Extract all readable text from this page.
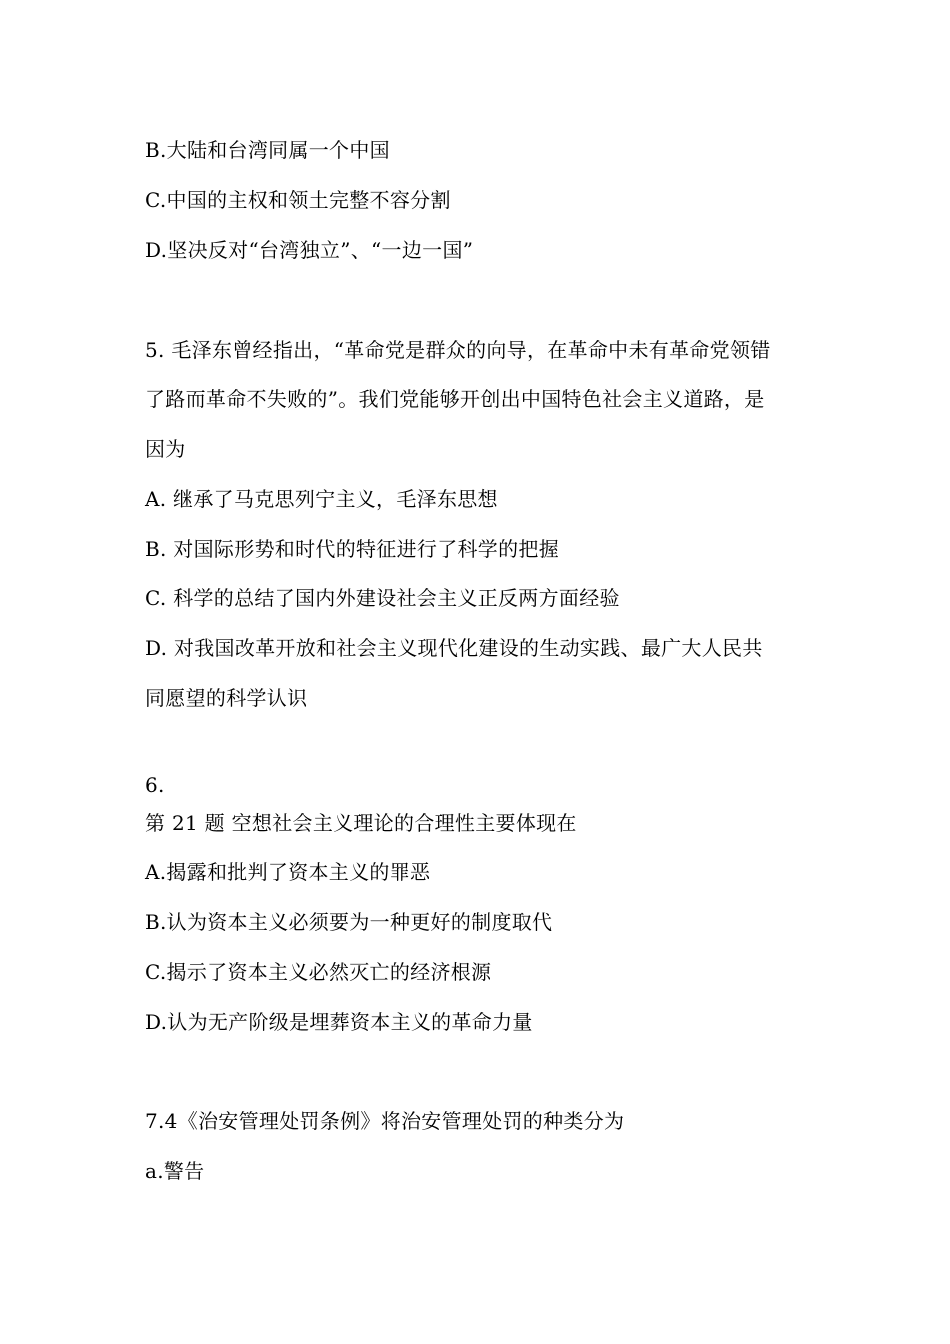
B.大陆和台湾同属一个中国
C.中国的主权和领土完整不容分割
D.坚决反对“台湾独立”、“一边一国”
5. 毛泽东曾经指出，“革命党是群众的向导，在革命中未有革命党领错
了路而革命不失败的”。我们党能够开创出中国特色社会主义道路，是
因为
A. 继承了马克思列宁主义，毛泽东思想
B. 对国际形势和时代的特征进行了科学的把握
C. 科学的总结了国内外建设社会主义正反两方面经验
D. 对我国改革开放和社会主义现代化建设的生动实践、最广大人民共
同愿望的科学认识
6.
第 21 题 空想社会主义理论的合理性主要体现在
A.揭露和批判了资本主义的罪恶
B.认为资本主义必须要为一种更好的制度取代
C.揭示了资本主义必然灭亡的经济根源
D.认为无产阶级是埋葬资本主义的革命力量
7.4《治安管理处罚条例》将治安管理处罚的种类分为
a.警告
